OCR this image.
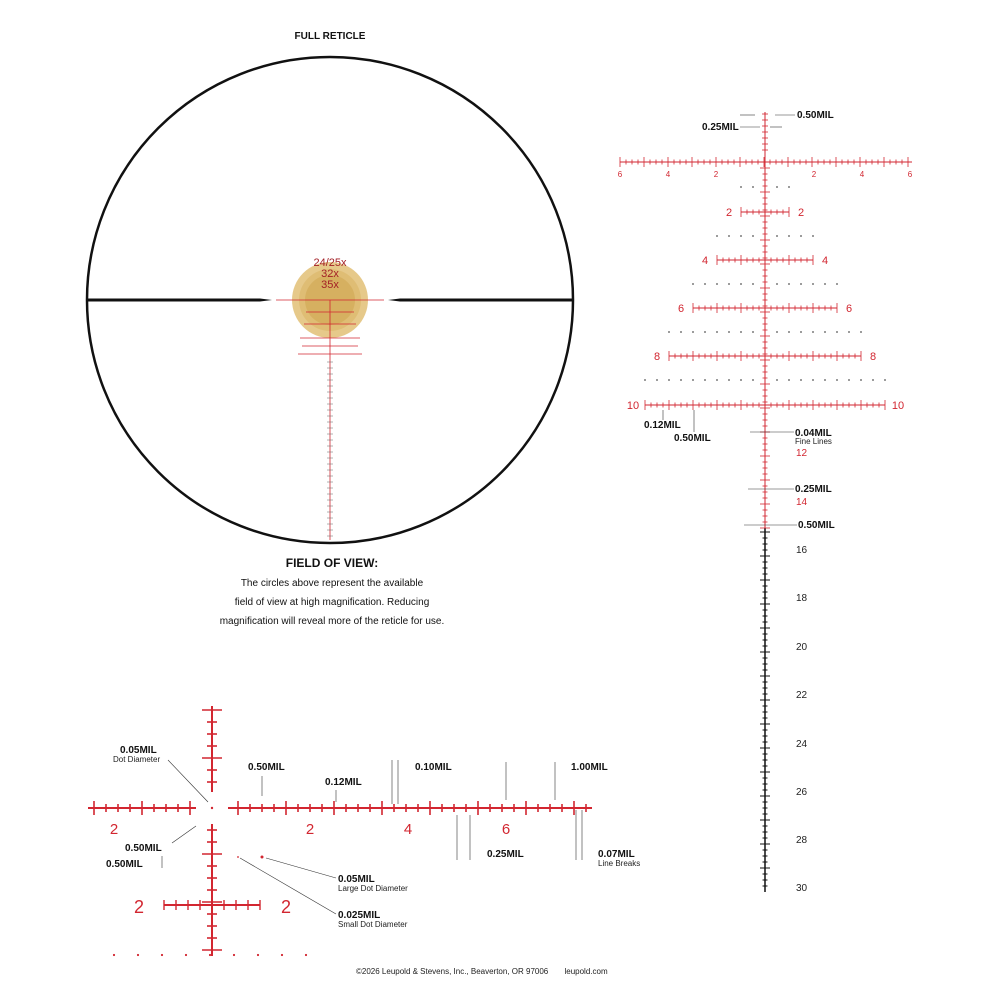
FULL RETICLE
24/25x
32x
35x
0.50MIL
0.25MIL
6	4	2	2	4	6
2	2
4	4
6	6
8	8
10	10
0.12MIL
0.50MIL	0.04MIL
Fine Lines
0.25MIL
0.50MIL
12
14
16
18
20
22
24
26
28
30
0.05MIL
Dot Diameter
0.50MIL
0.12MIL
0.10MIL	1.00MIL
0.25MIL	0.07MIL
Line Breaks
0.50MIL
0.50MIL
0.05MIL
Large Dot Diameter
0.025MIL
Small Dot Diameter
2	2	4	6
2	2
FIELD OF VIEW:
The circles above represent the available
field of view at high magnification. Reducing
magnification will reveal more of the reticle for use.
©2026 Leupold & Stevens, Inc., Beaverton, OR 97006 leupold.com
